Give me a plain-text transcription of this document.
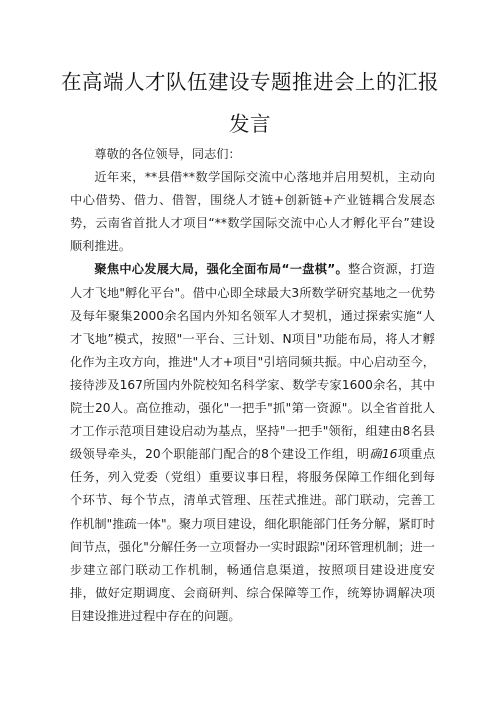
在高端人才队伍建设专题推进会上的汇报发言

尊敬的各位领导，同志们：

近年来，**县借**数学国际交流中心落地并启用契机，主动向中心借势、借力、借智，围绕人才链+创新链+产业链耦合发展态势，云南省首批人才项目“**数学国际交流中心人才孵化平台”建设顺利推进。

聚焦中心发展大局，强化全面布局“一盘棋”。整合资源，打造人才飞地"孵化平台"。借中心即全球最大3所数学研究基地之一优势及每年聚集2000余名国内外知名领军人才契机，通过探索实施“人才飞地”模式，按照"一平台、三计划、N项目"功能布局，将人才孵化作为主攻方向，推进"人才+项目"引培同频共振。中心启动至今，接待涉及167所国内外院校知名科学家、数学专家1600余名，其中院士20人。高位推动，强化"一把手"抓"第一资源"。以全省首批人才工作示范项目建设启动为基点，坚持"一把手"领衔，组建由8名县级领导牵头，20个职能部门配合的8个建设工作组，明确16项重点任务，列入党委（党组）重要议事日程，将服务保障工作细化到每个环节、每个节点，清单式管理、压茬式推进。部门联动，完善工作机制"推疏一体"。聚力项目建设，细化职能部门任务分解，紧盯时间节点，强化"分解任务一立项督办一实时跟踪"闭环管理机制；进一步建立部门联动工作机制，畅通信息渠道，按照项目建设进度安排，做好定期调度、会商研判、综合保障等工作，统筹协调解决项目建设推进过程中存在的问题。
